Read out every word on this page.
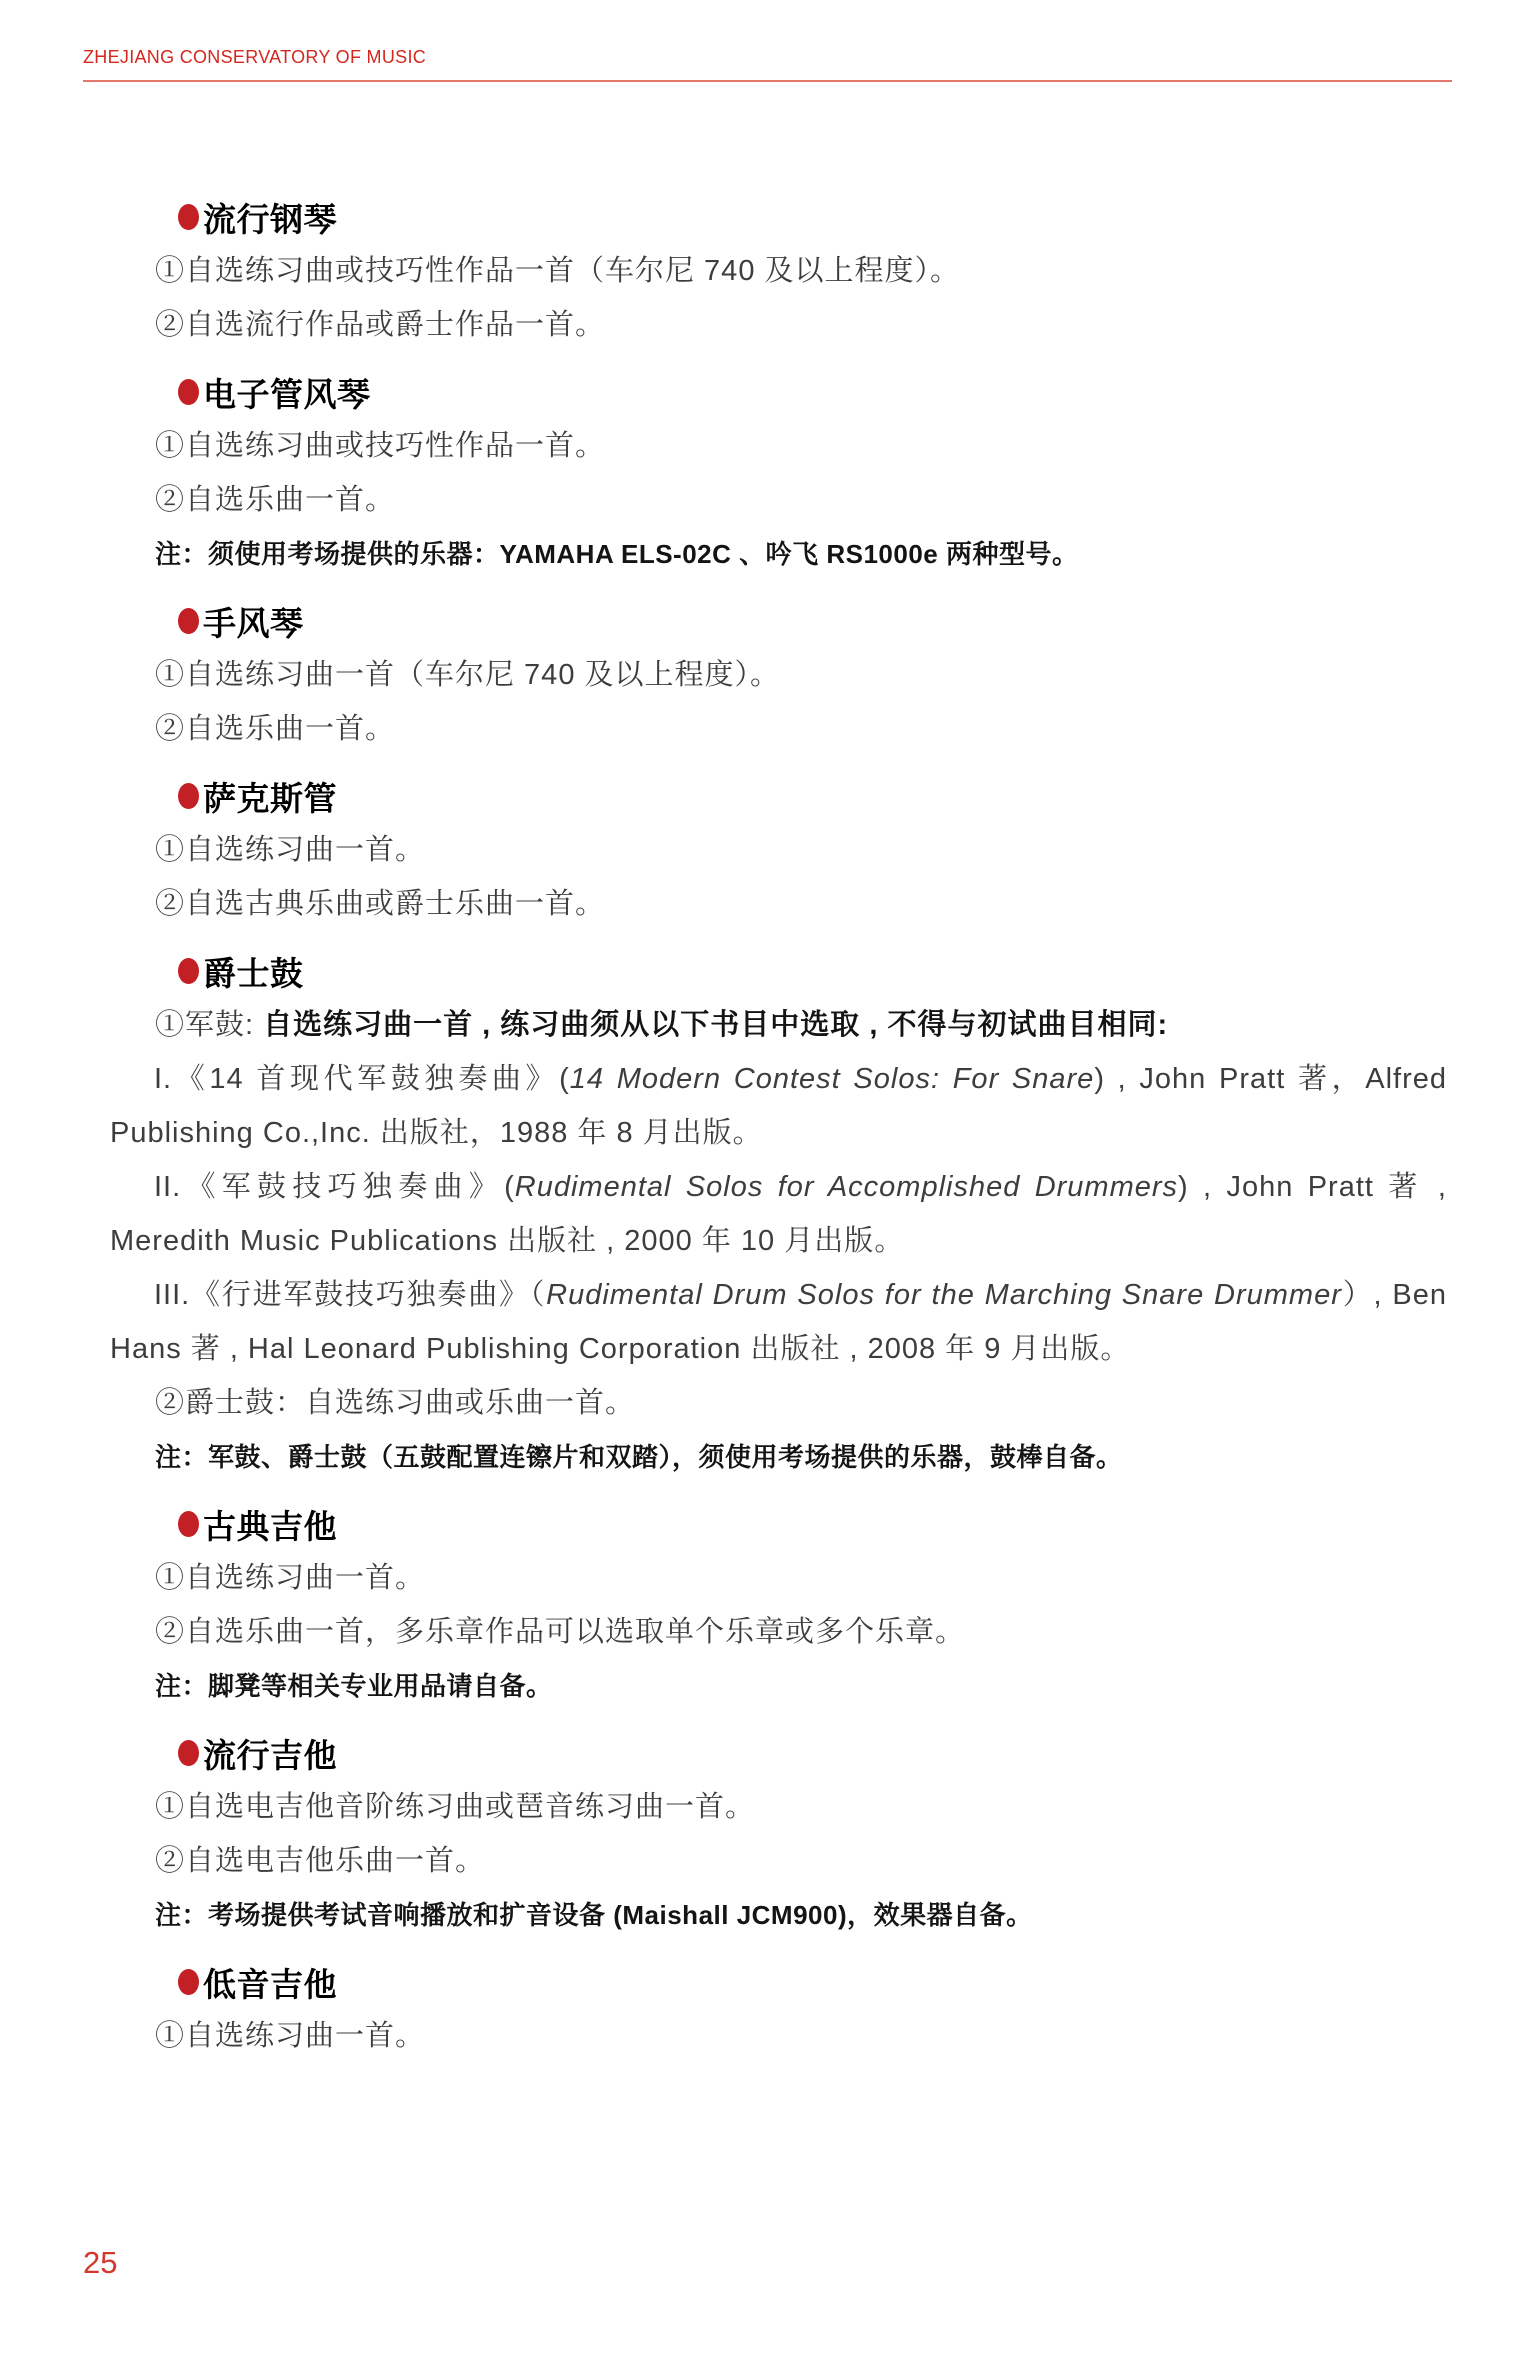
ZHEJIANG CONSERVATORY OF MUSIC
流行钢琴

①自选练习曲或技巧性作品一首（车尔尼 740 及以上程度）。

②自选流行作品或爵士作品一首。

电子管风琴

①自选练习曲或技巧性作品一首。

②自选乐曲一首。

注：须使用考场提供的乐器：YAMAHA ELS-02C 、吟飞 RS1000e 两种型号。

手风琴

①自选练习曲一首（车尔尼 740 及以上程度）。

②自选乐曲一首。

萨克斯管

①自选练习曲一首。

②自选古典乐曲或爵士乐曲一首。

爵士鼓

①军鼓: 自选练习曲一首 , 练习曲须从以下书目中选取 , 不得与初试曲目相同:

I.《14 首现代军鼓独奏曲》(14 Modern Contest Solos: For Snare) , John Pratt 著，Alfred Publishing Co.,Inc. 出版社，1988 年 8 月出版。

II.《军鼓技巧独奏曲》(Rudimental Solos for Accomplished Drummers) , John Pratt 著 , Meredith Music Publications 出版社 , 2000 年 10 月出版。

III.《行进军鼓技巧独奏曲》（Rudimental Drum Solos for the Marching Snare Drummer）, Ben Hans 著 , Hal Leonard Publishing Corporation 出版社 , 2008 年 9 月出版。

②爵士鼓：自选练习曲或乐曲一首。

注：军鼓、爵士鼓（五鼓配置连镲片和双踏），须使用考场提供的乐器，鼓棒自备。

古典吉他

①自选练习曲一首。

②自选乐曲一首，多乐章作品可以选取单个乐章或多个乐章。

注：脚凳等相关专业用品请自备。

流行吉他

①自选电吉他音阶练习曲或琶音练习曲一首。

②自选电吉他乐曲一首。

注：考场提供考试音响播放和扩音设备 (Maishall JCM900)，效果器自备。

低音吉他

①自选练习曲一首。

25
